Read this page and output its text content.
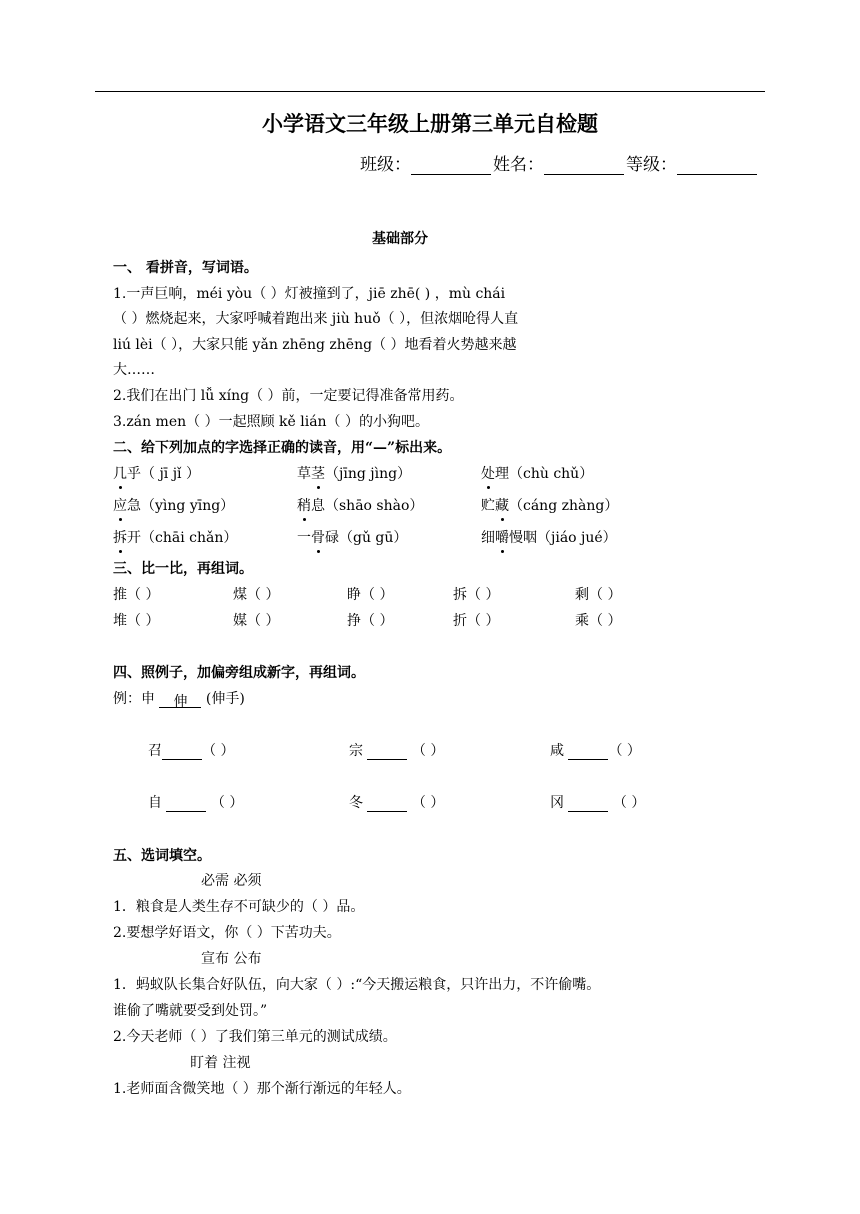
小学语文三年级上册第三单元自检题
班级：	姓名：	等级：
基础部分
一、 看拼音，写词语。
1.一声巨响，méi yòu（ ）灯被撞到了，jiē zhē( ) ，mù chái
（ ）燃烧起来，大家呼喊着跑出来 jiù huǒ（ ），但浓烟呛得人直
liú lèi（ ），大家只能 yǎn zhēng zhēng（ ）地看着火势越来越
大……
2.我们在出门 lǚ xíng（ ）前，一定要记得准备常用药。
3.zán men（ ）一起照顾 kě lián（ ）的小狗吧。
二、给下列加点的字选择正确的读音，用“—”标出来。
几乎（ jī jǐ ）	草茎（jīng jìng）	处理（chù chǔ）
应急（yìng yīng）	稍息（shāo shào）	贮藏（cáng zhàng）
拆开（chāi chǎn）	一骨碌（gǔ gū）	细嚼慢咽（jiáo jué）
三、比一比，再组词。
推（ ）	煤（ ）	睁（ ）	拆（ ）	剩（ ）
堆（ ）	媒（ ）	挣（ ）	折（ ）	乘（ ）
四、照例子，加偏旁组成新字，再组词。
例：申 伸 (伸手)
召	（ ）	宗	（ ）	咸	（ ）
自	（ ）	冬	（ ）	冈	（ ）
五、选词填空。
必需 必须
1．粮食是人类生存不可缺少的（ ）品。
2.要想学好语文，你（ ）下苦功夫。
宣布 公布
1．蚂蚁队长集合好队伍，向大家（ ）:“今天搬运粮食，只许出力，不许偷嘴。
谁偷了嘴就要受到处罚。”
2.今天老师（ ）了我们第三单元的测试成绩。
盯着 注视
1.老师面含微笑地（ ）那个渐行渐远的年轻人。
